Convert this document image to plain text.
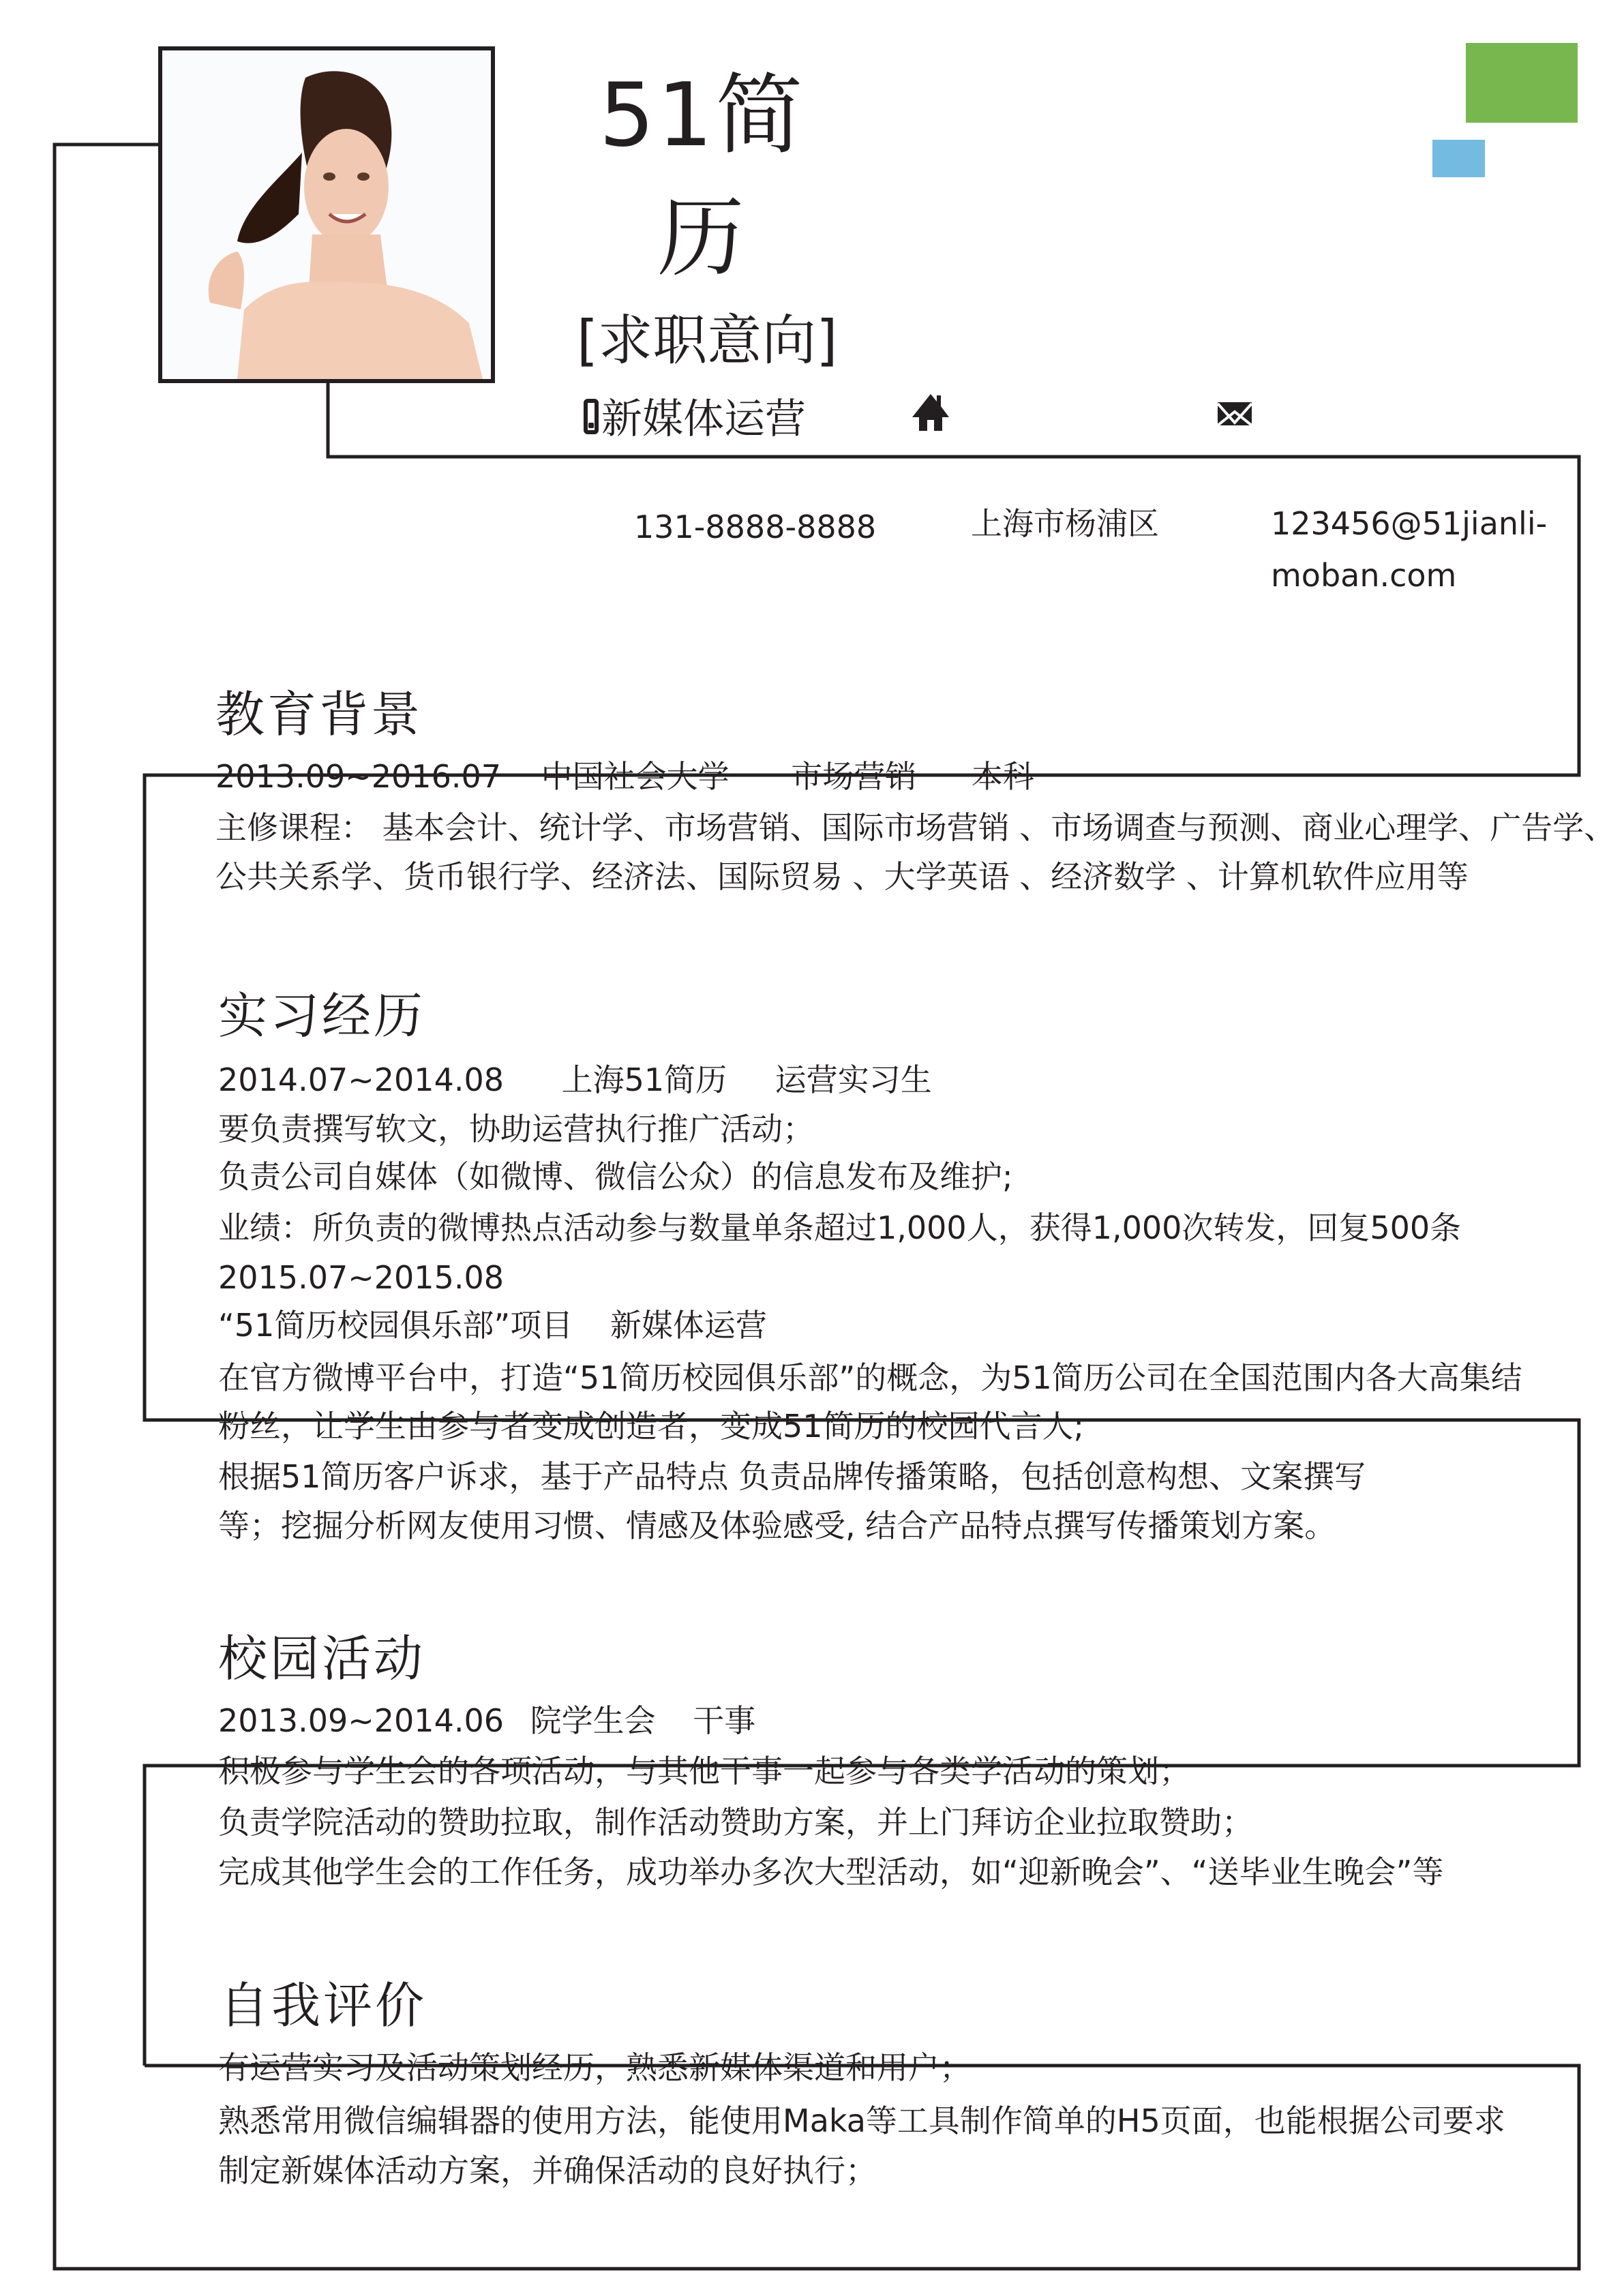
51简
历
[求职意向]
新媒体运营
131-8888-8888	上海市杨浦区	123456@51jianli-
moban.com
教育背景
2013.09~2016.07 中国社会大学 市场营销 本科
主修课程： 基本会计、统计学、市场营销、国际市场营销 、市场调查与预测、商业心理学、广告学、
公共关系学、货币银行学、经济法、国际贸易 、大学英语 、经济数学 、计算机软件应用等
实习经历
2014.07~2014.08 上海51简历 运营实习生
要负责撰写软文，协助运营执行推广活动；
负责公司自媒体（如微博、微信公众）的信息发布及维护;
业绩：所负责的微博热点活动参与数量单条超过1,000人，获得1,000次转发，回复500条
2015.07~2015.08
“51简历校园俱乐部”项目 新媒体运营
在官方微博平台中，打造“51简历校园俱乐部”的概念，为51简历公司在全国范围内各大高集结
粉丝，让学生由参与者变成创造者，变成51简历的校园代言人;
根据51简历客户诉求，基于产品特点 负责品牌传播策略，包括创意构想、文案撰写
等；挖掘分析网友使用习惯、情感及体验感受, 结合产品特点撰写传播策划方案。
校园活动
2013.09~2014.06 院学生会 干事
积极参与学生会的各项活动，与其他干事一起参与各类学活动的策划；
负责学院活动的赞助拉取，制作活动赞助方案，并上门拜访企业拉取赞助；
完成其他学生会的工作任务，成功举办多次大型活动，如“迎新晚会”、“送毕业生晚会”等
自我评价
有运营实习及活动策划经历，熟悉新媒体渠道和用户；
熟悉常用微信编辑器的使用方法，能使用Maka等工具制作简单的H5页面，也能根据公司要求
制定新媒体活动方案，并确保活动的良好执行；
